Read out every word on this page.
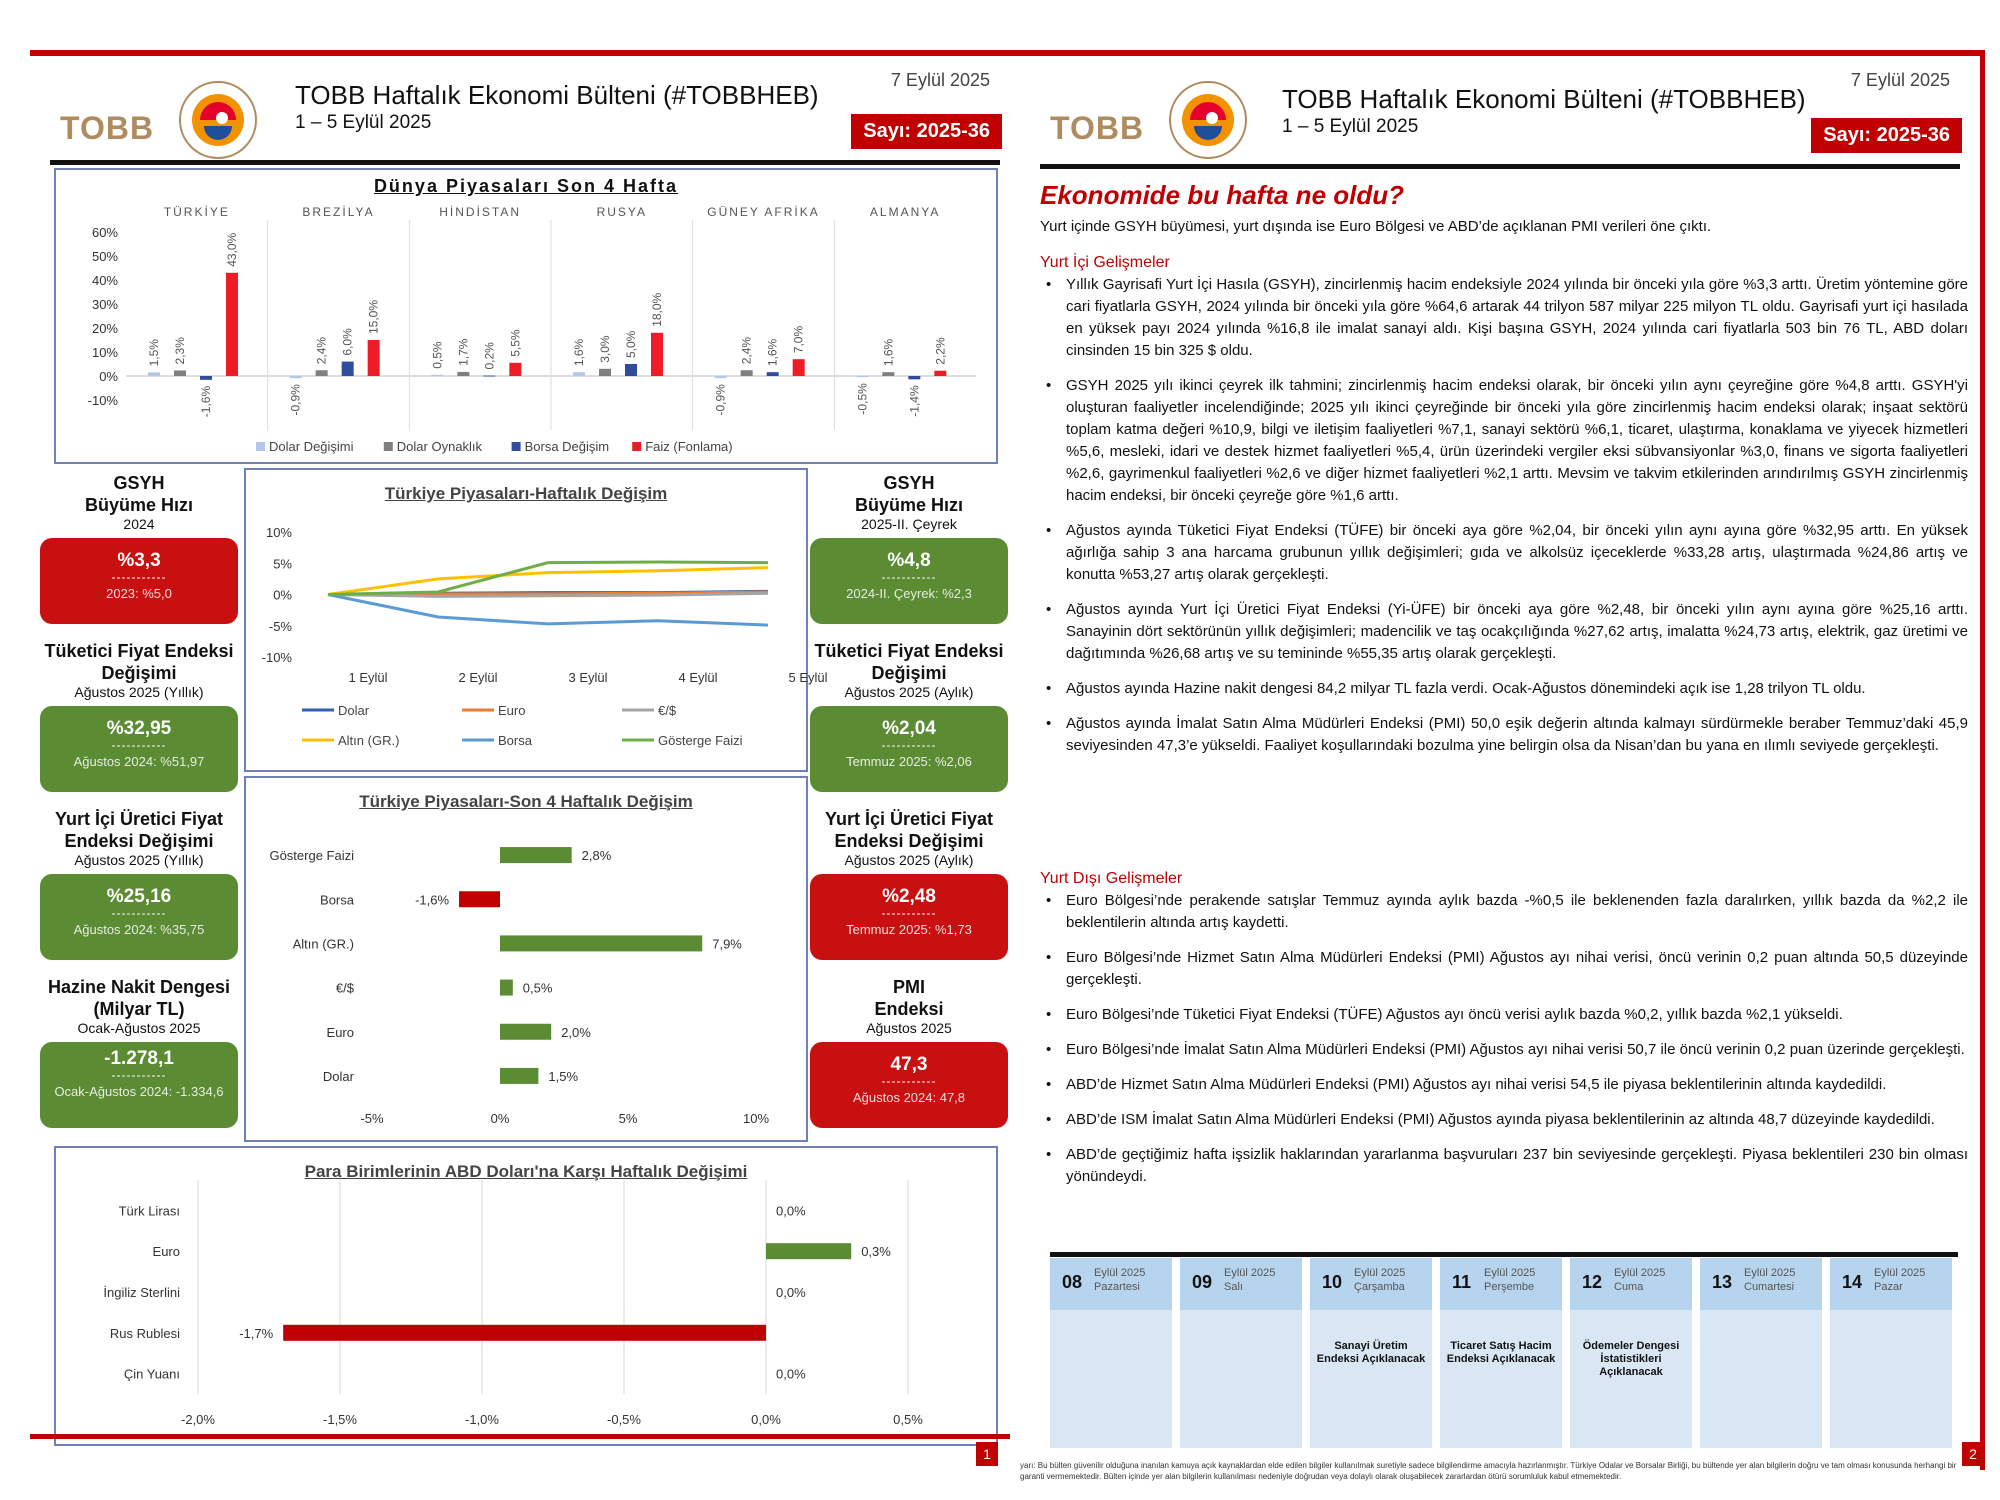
TOBB
TOBB Haftalık Ekonomi Bülteni (#TOBBHEB)
1 – 5 Eylül 2025
7 Eylül 2025
Sayı: 2025-36
Dünya Piyasaları Son 4 Hafta
60%
50%
40%
30%
20%
10%
0%
-10%
TÜRKİYE
1,5% 2,3%
-1,6%
43,0%
BREZİLYA
-0,9%
2,4% 6,0%
15,0%
HİNDİSTAN
0,5% 1,7% 0,2% 5,5%
RUSYA
1,6% 3,0% 5,0%
18,0%
GÜNEY AFRİKA
-0,9%
2,4% 1,6% 7,0%
ALMANYA
-0,5%
1,6%
-1,4%
2,2%
Dolar Değişimi	Dolar Oynaklık	Borsa Değişim	Faiz (Fonlama)
Türkiye Piyasaları-Haftalık Değişim
10%
5%
0%
-5%
-10%
1 Eylül	2 Eylül	3 Eylül	4 Eylül	5 Eylül
Dolar	Euro	€/$
Altın (GR.)	Borsa	Gösterge Faizi
Türkiye Piyasaları-Son 4 Haftalık Değişim
-5%	0%	5%	10%
Gösterge Faizi	2,8%
Borsa	-1,6%
Altın (GR.)	7,9%
€/$	0,5%
Euro	2,0%
Dolar	1,5%
Para Birimlerinin ABD Doları'na Karşı Haftalık Değişimi
-2,0%	-1,5%	-1,0%	-0,5%	0,0%	0,5%
Türk Lirası	0,0%
Euro	0,3%
İngiliz Sterlini	0,0%
Rus Rublesi	-1,7%
Çin Yuanı	0,0%
GSYH
Büyüme Hızı
2024
%3,3
-----------
2023: %5,0
Tüketici Fiyat Endeksi
Değişimi
Ağustos 2025 (Yıllık)
%32,95
-----------
Ağustos 2024: %51,97
Yurt İçi Üretici Fiyat
Endeksi Değişimi
Ağustos 2025 (Yıllık)
%25,16
-----------
Ağustos 2024: %35,75
Hazine Nakit Dengesi
(Milyar TL)
Ocak-Ağustos 2025
-1.278,1
-----------
Ocak-Ağustos 2024: -1.334,6
GSYH
Büyüme Hızı
2025-II. Çeyrek
%4,8
-----------
2024-II. Çeyrek: %2,3
Tüketici Fiyat Endeksi
Değişimi
Ağustos 2025 (Aylık)
%2,04
-----------
Temmuz 2025: %2,06
Yurt İçi Üretici Fiyat
Endeksi Değişimi
Ağustos 2025 (Aylık)
%2,48
-----------
Temmuz 2025: %1,73
PMI
Endeksi
Ağustos 2025
47,3
-----------
Ağustos 2024: 47,8
1
TOBB
TOBB Haftalık Ekonomi Bülteni (#TOBBHEB)
1 – 5 Eylül 2025
7 Eylül 2025
Sayı: 2025-36
Ekonomide bu hafta ne oldu?
Yurt içinde GSYH büyümesi, yurt dışında ise Euro Bölgesi ve ABD’de açıklanan PMI verileri öne çıktı.
Yurt İçi Gelişmeler
• Yıllık Gayrisafi Yurt İçi Hasıla (GSYH), zincirlenmiş hacim endeksiyle 2024 yılında bir önceki yıla göre %3,3 arttı. Üretim yöntemine göre cari fiyatlarla GSYH, 2024 yılında bir önceki yıla göre %64,6 artarak 44 trilyon 587 milyar 225 milyon TL oldu. Gayrisafi yurt içi hasılada en yüksek payı 2024 yılında %16,8 ile imalat sanayi aldı. Kişi başına GSYH, 2024 yılında cari fiyatlarla 503 bin 76 TL, ABD doları cinsinden 15 bin 325 $ oldu.
• GSYH 2025 yılı ikinci çeyrek ilk tahmini; zincirlenmiş hacim endeksi olarak, bir önceki yılın aynı çeyreğine göre %4,8 arttı. GSYH'yi oluşturan faaliyetler incelendiğinde; 2025 yılı ikinci çeyreğinde bir önceki yıla göre zincirlenmiş hacim endeksi olarak; inşaat sektörü toplam katma değeri %10,9, bilgi ve iletişim faaliyetleri %7,1, sanayi sektörü %6,1, ticaret, ulaştırma, konaklama ve yiyecek hizmetleri %5,6, mesleki, idari ve destek hizmet faaliyetleri %5,4, ürün üzerindeki vergiler eksi sübvansiyonlar %3,0, finans ve sigorta faaliyetleri %2,6, gayrimenkul faaliyetleri %2,6 ve diğer hizmet faaliyetleri %2,1 arttı. Mevsim ve takvim etkilerinden arındırılmış GSYH zincirlenmiş hacim endeksi, bir önceki çeyreğe göre %1,6 arttı.
• Ağustos ayında Tüketici Fiyat Endeksi (TÜFE) bir önceki aya göre %2,04, bir önceki yılın aynı ayına göre %32,95 arttı. En yüksek ağırlığa sahip 3 ana harcama grubunun yıllık değişimleri; gıda ve alkolsüz içeceklerde %33,28 artış, ulaştırmada %24,86 artış ve konutta %53,27 artış olarak gerçekleşti.
• Ağustos ayında Yurt İçi Üretici Fiyat Endeksi (Yi-ÜFE) bir önceki aya göre %2,48, bir önceki yılın aynı ayına göre %25,16 arttı. Sanayinin dört sektörünün yıllık değişimleri; madencilik ve taş ocakçılığında %27,62 artış, imalatta %24,73 artış, elektrik, gaz üretimi ve dağıtımında %26,68 artış ve su temininde %55,35 artış olarak gerçekleşti.
• Ağustos ayında Hazine nakit dengesi 84,2 milyar TL fazla verdi. Ocak-Ağustos dönemindeki açık ise 1,28 trilyon TL oldu.
• Ağustos ayında İmalat Satın Alma Müdürleri Endeksi (PMI) 50,0 eşik değerin altında kalmayı sürdürmekle beraber Temmuz’daki 45,9 seviyesinden 47,3’e yükseldi. Faaliyet koşullarındaki bozulma yine belirgin olsa da Nisan’dan bu yana en ılımlı seviyede gerçekleşti.
Yurt Dışı Gelişmeler
• Euro Bölgesi’nde perakende satışlar Temmuz ayında aylık bazda -%0,5 ile beklenenden fazla daralırken, yıllık bazda da %2,2 ile beklentilerin altında artış kaydetti.
• Euro Bölgesi’nde Hizmet Satın Alma Müdürleri Endeksi (PMI) Ağustos ayı nihai verisi, öncü verinin 0,2 puan altında 50,5 düzeyinde gerçekleşti.
• Euro Bölgesi’nde Tüketici Fiyat Endeksi (TÜFE) Ağustos ayı öncü verisi aylık bazda %0,2, yıllık bazda %2,1 yükseldi.
• Euro Bölgesi’nde İmalat Satın Alma Müdürleri Endeksi (PMI) Ağustos ayı nihai verisi 50,7 ile öncü verinin 0,2 puan üzerinde gerçekleşti.
• ABD’de Hizmet Satın Alma Müdürleri Endeksi (PMI) Ağustos ayı nihai verisi 54,5 ile piyasa beklentilerinin altında kaydedildi.
• ABD’de ISM İmalat Satın Alma Müdürleri Endeksi (PMI) Ağustos ayında piyasa beklentilerinin az altında 48,7 düzeyinde kaydedildi.
• ABD’de geçtiğimiz hafta işsizlik haklarından yararlanma başvuruları 237 bin seviyesinde gerçekleşti. Piyasa beklentileri 230 bin olması yönündeydi.
08 Eylül 2025
Pazartesi	09 Eylül 2025
Salı	10 Eylül 2025
Çarşamba
Sanayi Üretim Endeksi Açıklanacak
11 Eylül 2025
Perşembe
Ticaret Satış Hacim Endeksi Açıklanacak
12 Eylül 2025
Cuma
Ödemeler Dengesi İstatistikleri Açıklanacak
13 Eylül 2025
Cumartesi	14 Eylül 2025
Pazar
yarı: Bu bülten güvenilir olduğuna inanılan kamuya açık kaynaklardan elde edilen bilgiler kullanılmak suretiyle sadece bilgilendirme amacıyla hazırlanmıştır. Türkiye Odalar ve Borsalar Birliği, bu bültende yer alan bilgilerin doğru ve tam olması konusunda herhangi bir garanti vermemektedir. Bülten içinde yer alan bilgilerin kullanılması nedeniyle doğrudan veya dolaylı olarak oluşabilecek zararlardan ötürü sorumluluk kabul etmemektedir.
2
